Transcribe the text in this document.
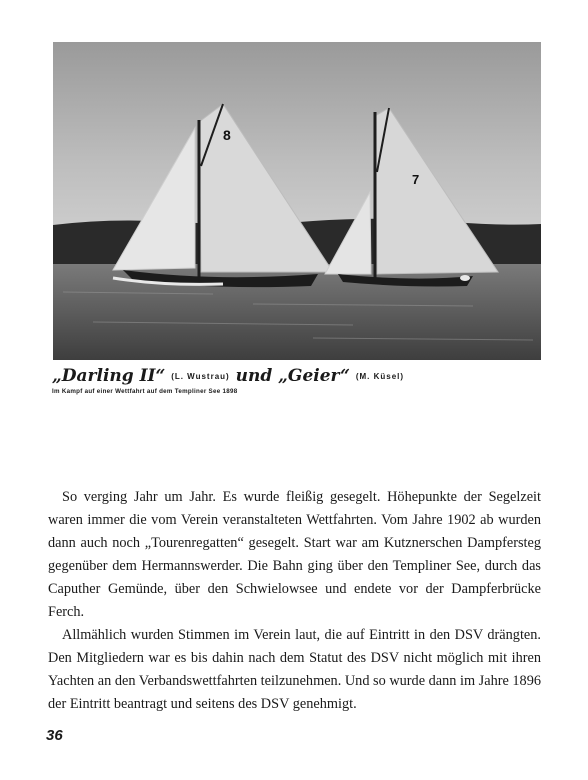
8
7
„Darling II“ (L. Wustrau) und „Geier“ (M. Küsel)
Im Kampf auf einer Wettfahrt auf dem Templiner See 1898

So verging Jahr um Jahr. Es wurde fleißig gesegelt. Höhepunkte der Segelzeit waren immer die vom Verein veranstalteten Wettfahrten. Vom Jahre 1902 ab wurden dann auch noch „Tourenregatten“ gesegelt. Start war am Kutznerschen Dampfersteg gegenüber dem Hermannswerder. Die Bahn ging über den Templiner See, durch das Caputher Gemünde, über den Schwielowsee und endete vor der Dampferbrücke Ferch.

Allmählich wurden Stimmen im Verein laut, die auf Eintritt in den DSV drängten. Den Mitgliedern war es bis dahin nach dem Statut des DSV nicht möglich mit ihren Yachten an den Verbandswettfahrten teilzunehmen. Und so wurde dann im Jahre 1896 der Eintritt beantragt und seitens des DSV genehmigt.

36
